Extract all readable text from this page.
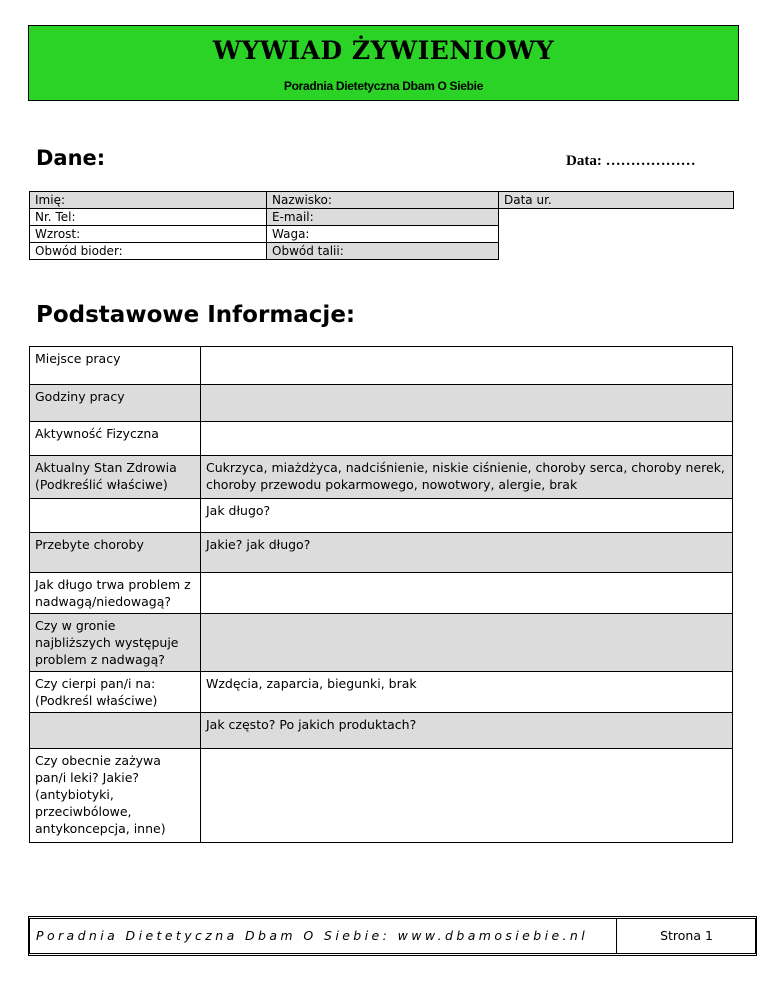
WYWIAD ŻYWIENIOWY
Poradnia Dietetyczna Dbam O Siebie
Dane:	Data: ………………
Imię:	Nazwisko:	Data ur.
Nr. Tel:	E-mail:	
Wzrost:	Waga:	
Obwód bioder:	Obwód talii:	
Podstawowe Informacje:
Miejsce pracy	
Godziny pracy	
Aktywność Fizyczna	
Aktualny Stan Zdrowia (Podkreślić właściwe)	Cukrzyca, miażdżyca, nadciśnienie, niskie ciśnienie, choroby serca, choroby nerek, choroby przewodu pokarmowego, nowotwory, alergie, brak
	Jak długo?
Przebyte choroby	Jakie? jak długo?
Jak długo trwa problem z nadwagą/niedowagą?	
Czy w gronie najbliższych występuje problem z nadwagą?	
Czy cierpi pan/i na: (Podkreśl właściwe)	Wzdęcia, zaparcia, biegunki, brak
	Jak często? Po jakich produktach?
Czy obecnie zażywa pan/i leki? Jakie? (antybiotyki, przeciwbólowe, antykoncepcja, inne)	
Poradnia Dietetyczna Dbam O Siebie: www.dbamosiebie.nl	Strona 1
